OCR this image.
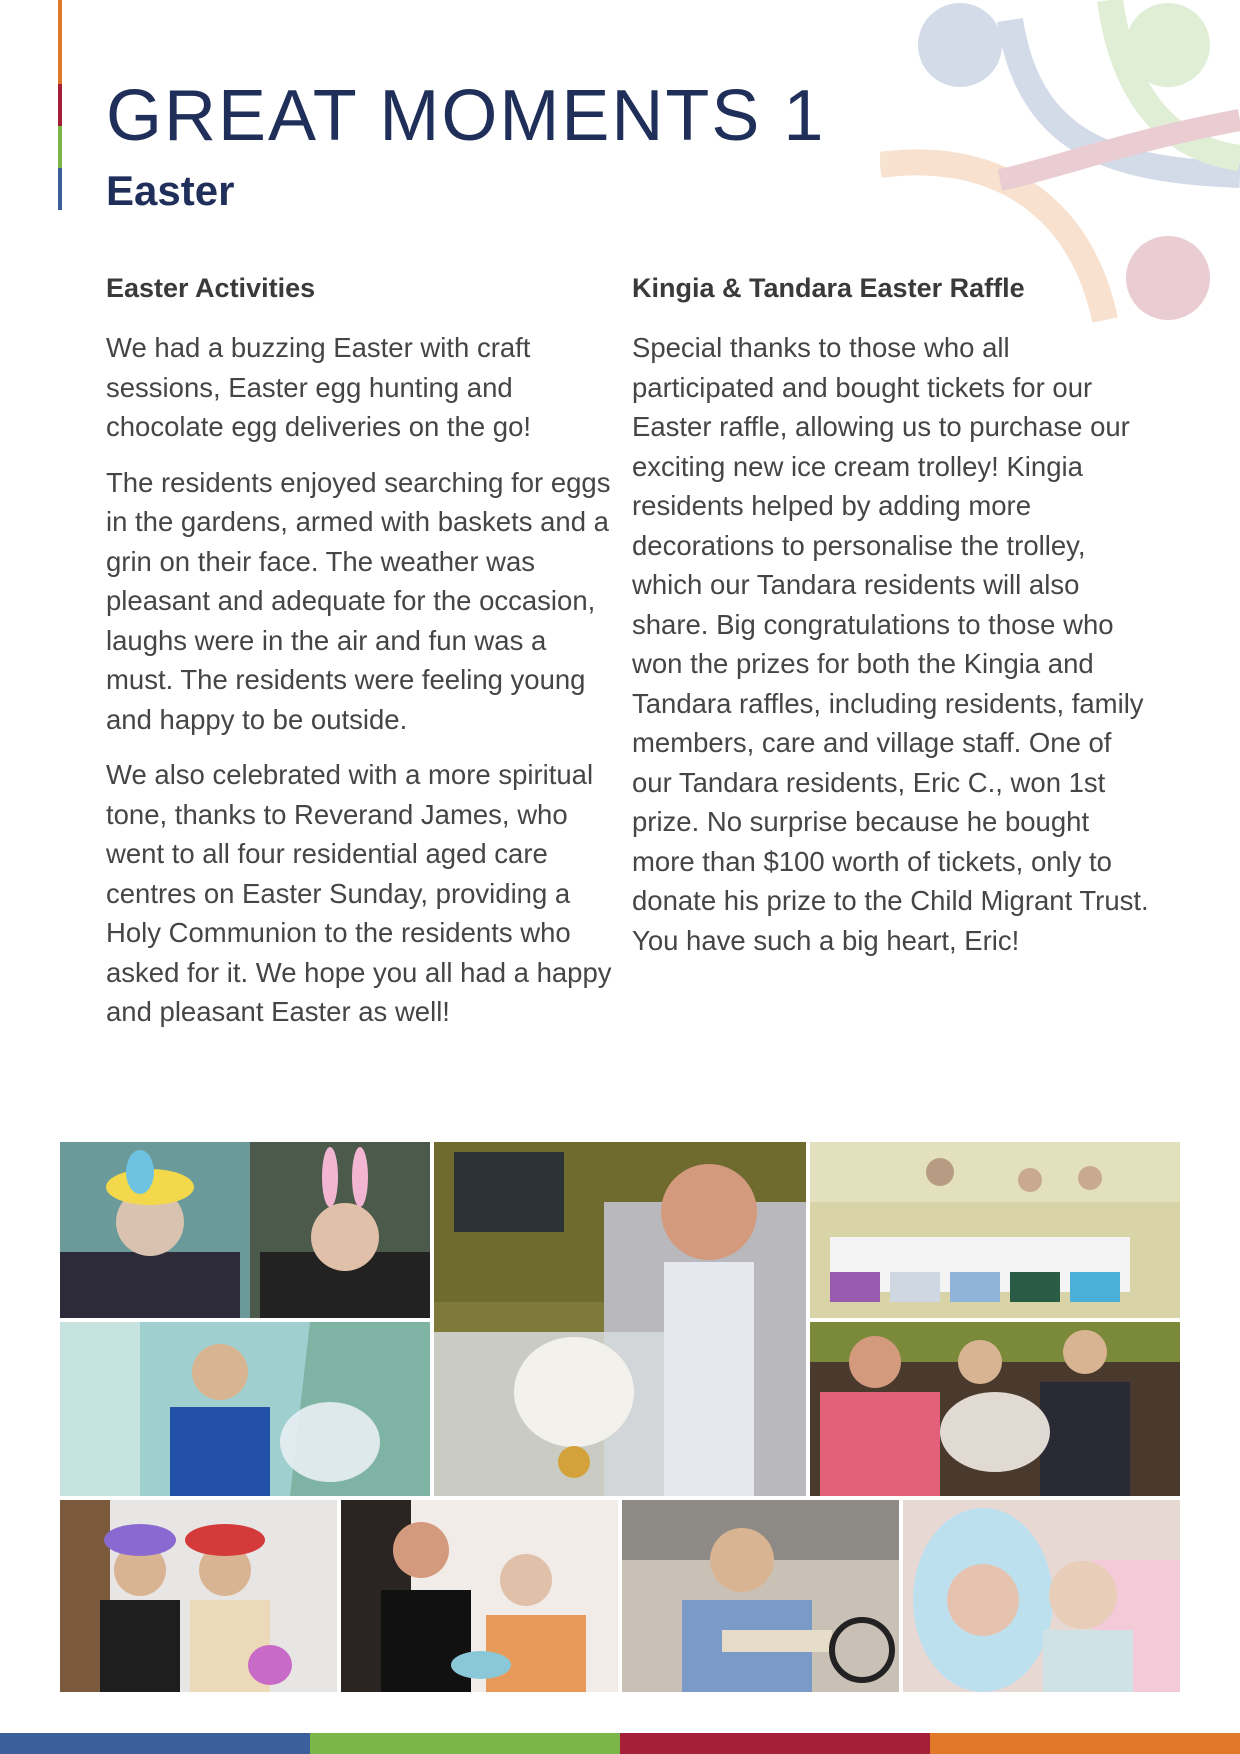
GREAT MOMENTS 1
Easter
Easter Activities

We had a buzzing Easter with craft sessions, Easter egg hunting and chocolate egg deliveries on the go!

The residents enjoyed searching for eggs in the gardens, armed with baskets and a grin on their face. The weather was pleasant and adequate for the occasion, laughs were in the air and fun was a must. The residents were feeling young and happy to be outside.

We also celebrated with a more spiritual tone, thanks to Reverand James, who went to all four residential aged care centres on Easter Sunday, providing a Holy Communion to the residents who asked for it. We hope you all had a happy and pleasant Easter as well!

Kingia & Tandara Easter Raffle

Special thanks to those who all participated and bought tickets for our Easter raffle, allowing us to purchase our exciting new ice cream trolley! Kingia residents helped by adding more decorations to personalise the trolley, which our Tandara residents will also share. Big congratulations to those who won the prizes for both the Kingia and Tandara raffles, including residents, family members, care and village staff. One of our Tandara residents, Eric C., won 1st prize. No surprise because he bought more than $100 worth of tickets, only to donate his prize to the Child Migrant Trust. You have such a big heart, Eric!
